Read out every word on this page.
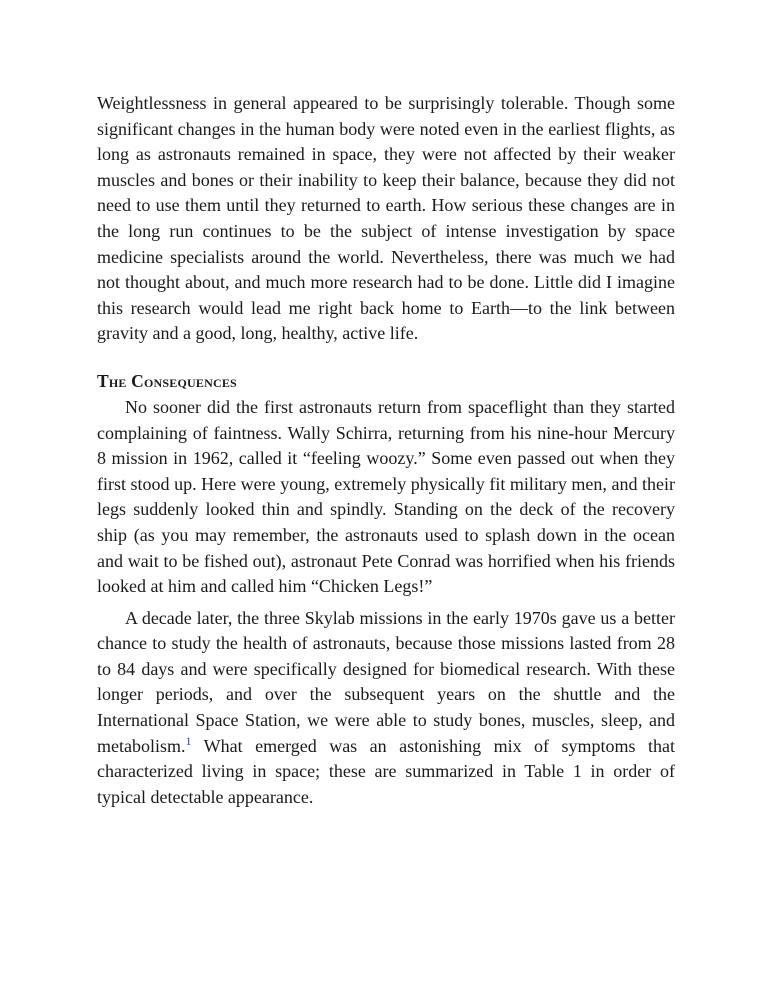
Weightlessness in general appeared to be surprisingly tolerable. Though some significant changes in the human body were noted even in the earliest flights, as long as astronauts remained in space, they were not affected by their weaker muscles and bones or their inability to keep their balance, because they did not need to use them until they returned to earth. How serious these changes are in the long run continues to be the subject of intense investigation by space medicine specialists around the world. Nevertheless, there was much we had not thought about, and much more research had to be done. Little did I imagine this research would lead me right back home to Earth—to the link between gravity and a good, long, healthy, active life.

The Consequences

No sooner did the first astronauts return from spaceflight than they started complaining of faintness. Wally Schirra, returning from his nine-hour Mercury 8 mission in 1962, called it “feeling woozy.” Some even passed out when they first stood up. Here were young, extremely physically fit military men, and their legs suddenly looked thin and spindly. Standing on the deck of the recovery ship (as you may remember, the astronauts used to splash down in the ocean and wait to be fished out), astronaut Pete Conrad was horrified when his friends looked at him and called him “Chicken Legs!”

A decade later, the three Skylab missions in the early 1970s gave us a better chance to study the health of astronauts, because those missions lasted from 28 to 84 days and were specifically designed for biomedical research. With these longer periods, and over the subsequent years on the shuttle and the International Space Station, we were able to study bones, muscles, sleep, and metabolism.$^1$ What emerged was an astonishing mix of symptoms that characterized living in space; these are summarized in Table 1 in order of typical detectable appearance.
